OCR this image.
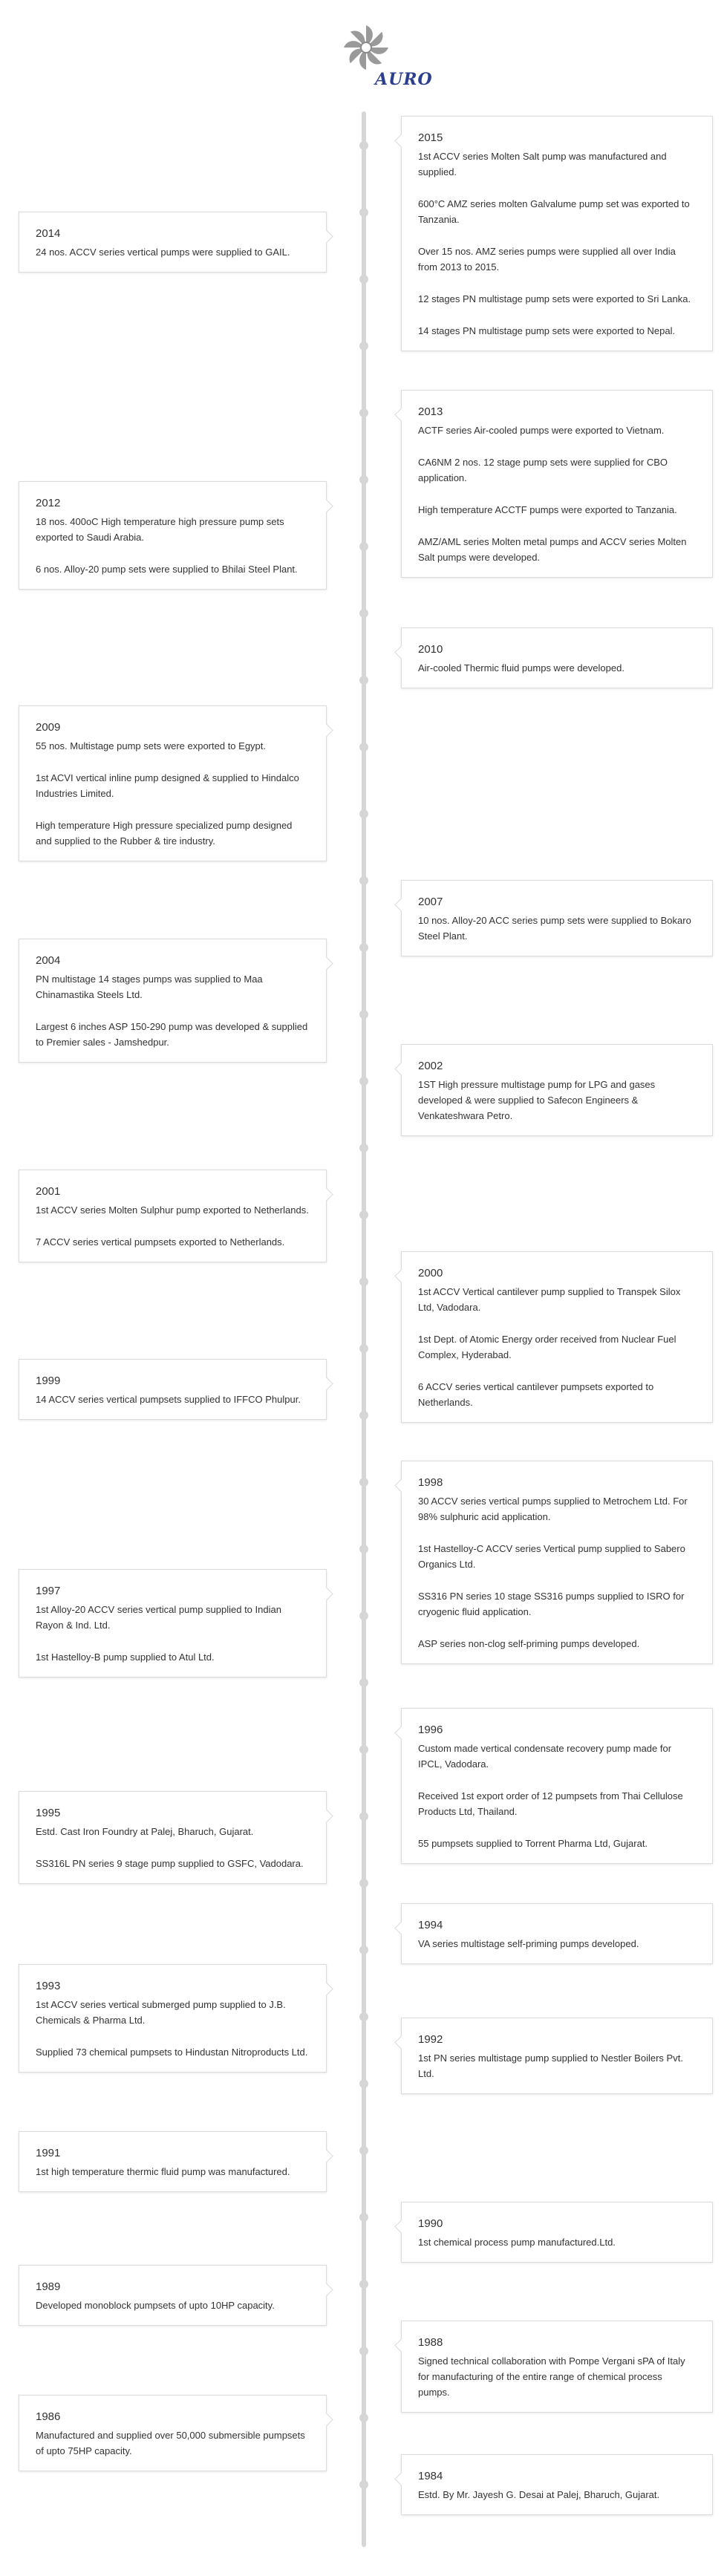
AURO
2015

1st ACCV series Molten Salt pump was manufactured and supplied.

600°C AMZ series molten Galvalume pump set was exported to Tanzania.

Over 15 nos. AMZ series pumps were supplied all over India from 2013 to 2015.

12 stages PN multistage pump sets were exported to Sri Lanka.

14 stages PN multistage pump sets were exported to Nepal.

2014

24 nos. ACCV series vertical pumps were supplied to GAIL.

2013

ACTF series Air-cooled pumps were exported to Vietnam.

CA6NM 2 nos. 12 stage pump sets were supplied for CBO application.

High temperature ACCTF pumps were exported to Tanzania.

AMZ/AML series Molten metal pumps and ACCV series Molten Salt pumps were developed.

2012

18 nos. 400oC High temperature high pressure pump sets exported to Saudi Arabia.

6 nos. Alloy-20 pump sets were supplied to Bhilai Steel Plant.

2010

Air-cooled Thermic fluid pumps were developed.

2009

55 nos. Multistage pump sets were exported to Egypt.

1st ACVI vertical inline pump designed & supplied to Hindalco Industries Limited.

High temperature High pressure specialized pump designed and supplied to the Rubber & tire industry.

2007

10 nos. Alloy-20 ACC series pump sets were supplied to Bokaro Steel Plant.

2004

PN multistage 14 stages pumps was supplied to Maa Chinamastika Steels Ltd.

Largest 6 inches ASP 150-290 pump was developed & supplied to Premier sales - Jamshedpur.

2002

1ST High pressure multistage pump for LPG and gases developed & were supplied to Safecon Engineers & Venkateshwara Petro.

2001

1st ACCV series Molten Sulphur pump exported to Netherlands.

7 ACCV series vertical pumpsets exported to Netherlands.

2000

1st ACCV Vertical cantilever pump supplied to Transpek Silox Ltd, Vadodara.

1st Dept. of Atomic Energy order received from Nuclear Fuel Complex, Hyderabad.

6 ACCV series vertical cantilever pumpsets exported to Netherlands.

1999

14 ACCV series vertical pumpsets supplied to IFFCO Phulpur.

1998

30 ACCV series vertical pumps supplied to Metrochem Ltd. For 98% sulphuric acid application.

1st Hastelloy-C ACCV series Vertical pump supplied to Sabero Organics Ltd.

SS316 PN series 10 stage SS316 pumps supplied to ISRO for cryogenic fluid application.

ASP series non-clog self-priming pumps developed.

1997

1st Alloy-20 ACCV series vertical pump supplied to Indian Rayon & Ind. Ltd.

1st Hastelloy-B pump supplied to Atul Ltd.

1996

Custom made vertical condensate recovery pump made for IPCL, Vadodara.

Received 1st export order of 12 pumpsets from Thai Cellulose Products Ltd, Thailand.

55 pumpsets supplied to Torrent Pharma Ltd, Gujarat.

1995

Estd. Cast Iron Foundry at Palej, Bharuch, Gujarat.

SS316L PN series 9 stage pump supplied to GSFC, Vadodara.

1994

VA series multistage self-priming pumps developed.

1993

1st ACCV series vertical submerged pump supplied to J.B. Chemicals & Pharma Ltd.

Supplied 73 chemical pumpsets to Hindustan Nitroproducts Ltd.

1992

1st PN series multistage pump supplied to Nestler Boilers Pvt. Ltd.

1991

1st high temperature thermic fluid pump was manufactured.

1990

1st chemical process pump manufactured.Ltd.

1989

Developed monoblock pumpsets of upto 10HP capacity.

1988

Signed technical collaboration with Pompe Vergani sPA of Italy for manufacturing of the entire range of chemical process pumps.

1986

Manufactured and supplied over 50,000 submersible pumpsets of upto 75HP capacity.

1984

Estd. By Mr. Jayesh G. Desai at Palej, Bharuch, Gujarat.
